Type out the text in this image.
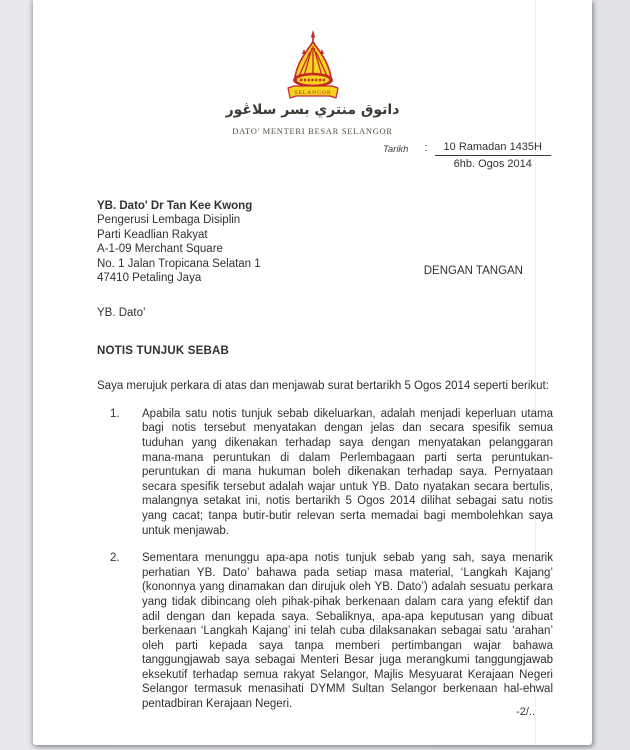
SELANGOR
داتوق منتري بسر سلاڠور
DATO' MENTERI BESAR SELANGOR
Tarikh :	10 Ramadan 1435H
6hb. Ogos 2014
YB. Dato' Dr Tan Kee Kwong
Pengerusi Lembaga Disiplin
Parti Keadlian Rakyat
A-1-09 Merchant Square
No. 1 Jalan Tropicana Selatan 1
47410 Petaling Jaya
DENGAN TANGAN
YB. Dato’
NOTIS TUNJUK SEBAB
Saya merujuk perkara di atas dan menjawab surat bertarikh 5 Ogos 2014 seperti berikut:
1.	Apabila satu notis tunjuk sebab dikeluarkan, adalah menjadi keperluan utama bagi notis tersebut menyatakan dengan jelas dan secara spesifik semua tuduhan yang dikenakan terhadap saya dengan menyatakan pelanggaran mana-mana peruntukan di dalam Perlembagaan parti serta peruntukan-peruntukan di mana hukuman boleh dikenakan terhadap saya. Pernyataan secara spesifik tersebut adalah wajar untuk YB. Dato nyatakan secara bertulis, malangnya setakat ini, notis bertarikh 5 Ogos 2014 dilihat sebagai satu notis yang cacat; tanpa butir-butir relevan serta memadai bagi membolehkan saya untuk menjawab.
2.	Sementara menunggu apa-apa notis tunjuk sebab yang sah, saya menarik perhatian YB. Dato’ bahawa pada setiap masa material, ‘Langkah Kajang’ (kononnya yang dinamakan dan dirujuk oleh YB. Dato’) adalah sesuatu perkara yang tidak dibincang oleh pihak-pihak berkenaan dalam cara yang efektif dan adil dengan dan kepada saya. Sebaliknya, apa-apa keputusan yang dibuat berkenaan ‘Langkah Kajang’ ini telah cuba dilaksanakan sebagai satu ‘arahan’ oleh parti kepada saya tanpa memberi pertimbangan wajar bahawa tanggungjawab saya sebagai Menteri Besar juga merangkumi tanggungjawab eksekutif terhadap semua rakyat Selangor, Majlis Mesyuarat Kerajaan Negeri Selangor termasuk menasihati DYMM Sultan Selangor berkenaan hal-ehwal pentadbiran Kerajaan Negeri.
-2/..
